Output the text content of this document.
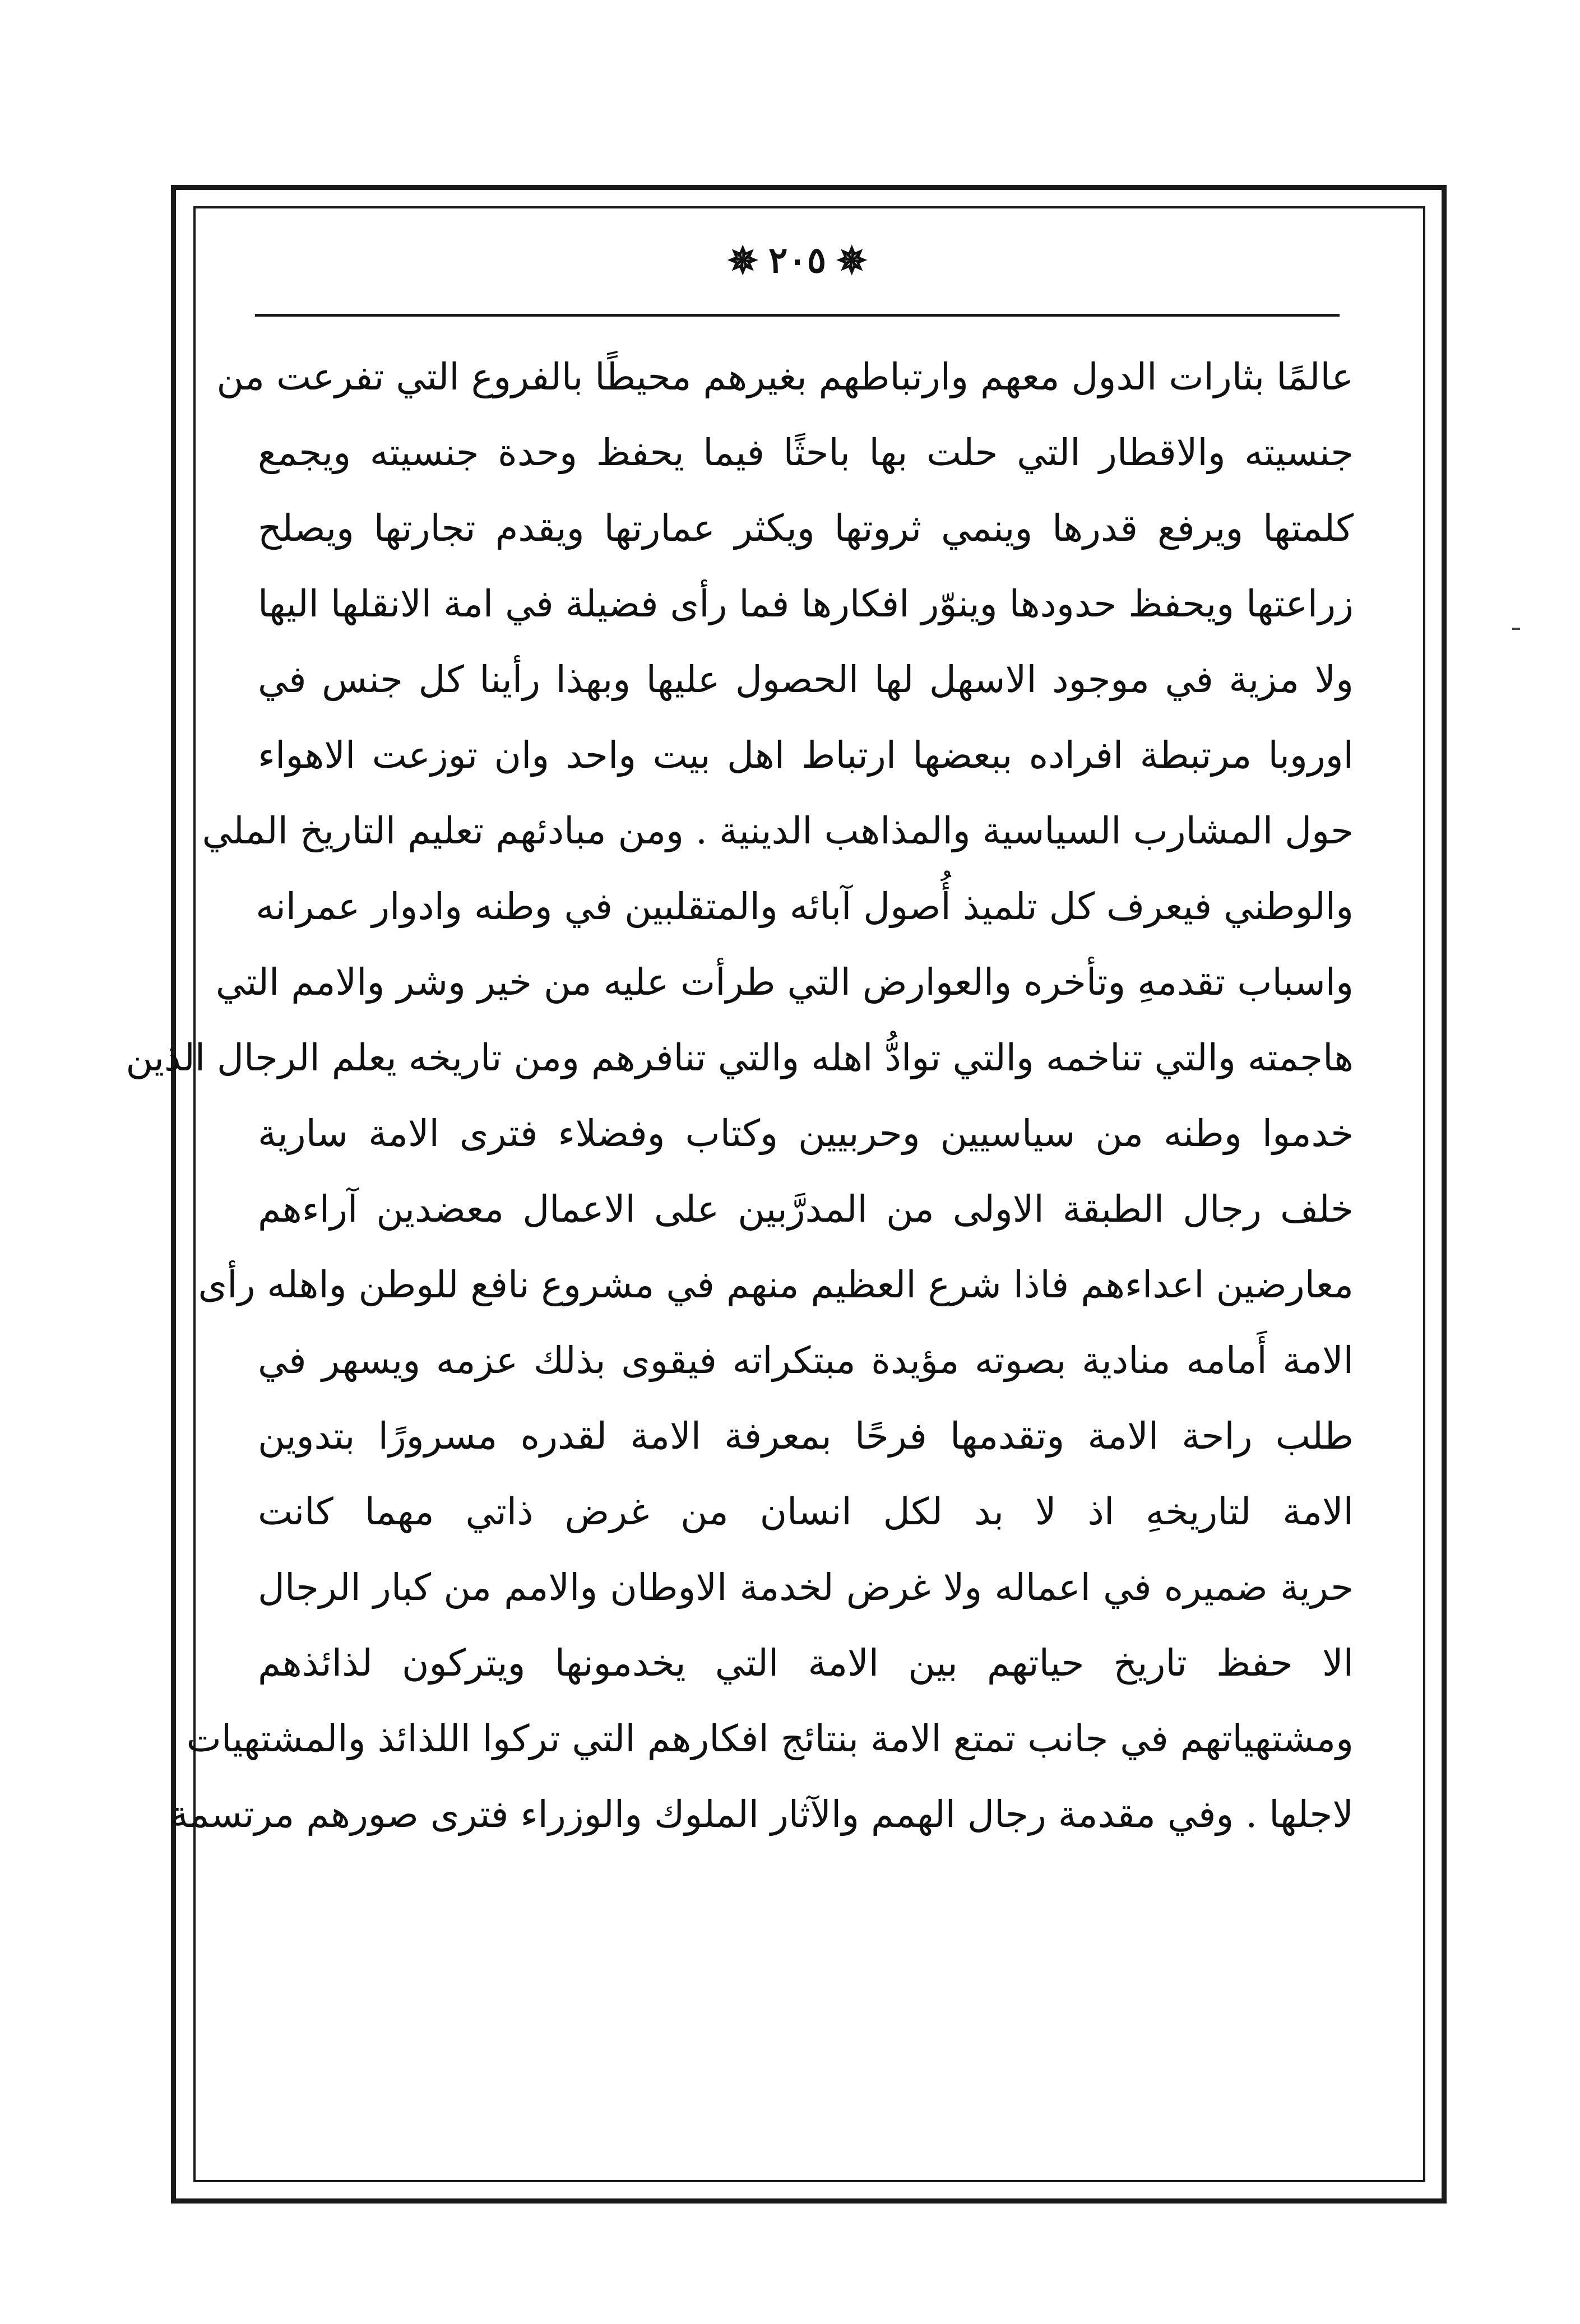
✵
٢٠٥
✵
عالمًا بثارات الدول معهم وارتباطهم بغيرهم محيطًا بالفروع التي تفرعت من
جنسيته والاقطار التي حلت بها باحثًا فيما يحفظ وحدة جنسيته ويجمع
كلمتها ويرفع قدرها وينمي ثروتها ويكثر عمارتها ويقدم تجارتها ويصلح
زراعتها ويحفظ حدودها وينوّر افكارها فما رأى فضيلة في امة الانقلها اليها
ولا مزية في موجود الاسهل لها الحصول عليها وبهذا رأينا كل جنس في
اوروبا مرتبطة افراده ببعضها ارتباط اهل بيت واحد وان توزعت الاهواء
حول المشارب السياسية والمذاهب الدينية . ومن مبادئهم تعليم التاريخ الملي
والوطني فيعرف كل تلميذ أُصول آبائه والمتقلبين في وطنه وادوار عمرانه
واسباب تقدمهِ وتأخره والعوارض التي طرأت عليه من خير وشر والامم التي
هاجمته والتي تناخمه والتي توادُّ اهله والتي تنافرهم ومن تاريخه يعلم الرجال الذين
خدموا وطنه من سياسيين وحربيين وكتاب وفضلاء فترى الامة سارية
خلف رجال الطبقة الاولى من المدرَّبين على الاعمال معضدين آراءهم
معارضين اعداءهم فاذا شرع العظيم منهم في مشروع نافع للوطن واهله رأى
الامة أَمامه منادية بصوته مؤيدة مبتكراته فيقوى بذلك عزمه ويسهر في
طلب راحة الامة وتقدمها فرحًا بمعرفة الامة لقدره مسرورًا بتدوين
الامة لتاريخهِ اذ لا بد لكل انسان من غرض ذاتي مهما كانت
حرية ضميره في اعماله ولا غرض لخدمة الاوطان والامم من كبار الرجال
الا حفظ تاريخ حياتهم بين الامة التي يخدمونها ويتركون لذائذهم
ومشتهياتهم في جانب تمتع الامة بنتائج افكارهم التي تركوا اللذائذ والمشتهيات
لاجلها . وفي مقدمة رجال الهمم والآثار الملوك والوزراء فترى صورهم مرتسمة
